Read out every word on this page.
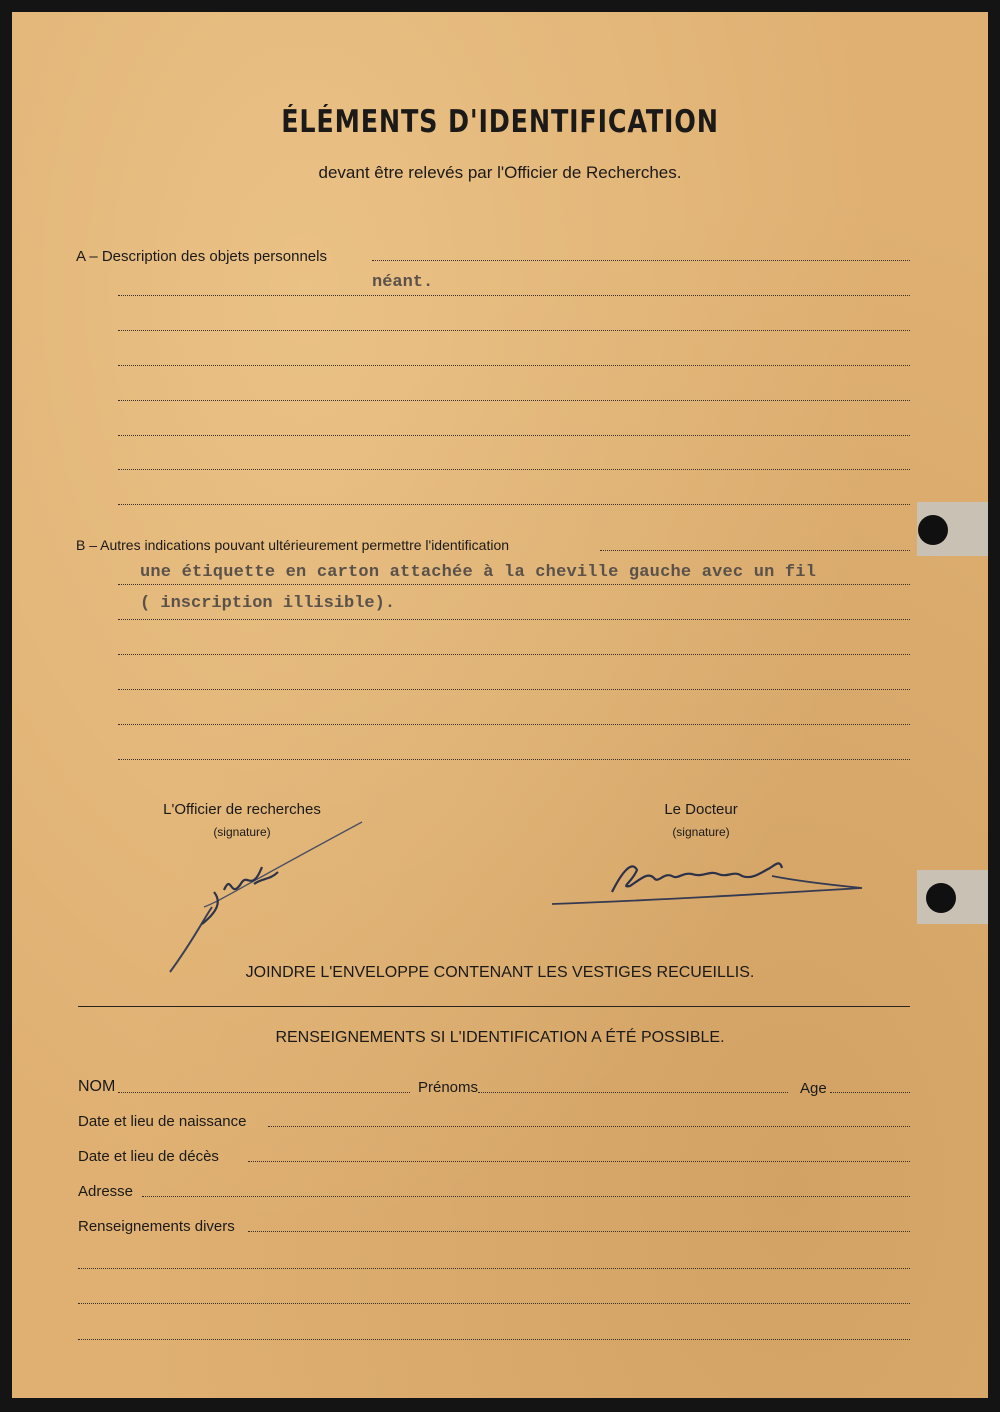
ÉLÉMENTS D'IDENTIFICATION
devant être relevés par l'Officier de Recherches.
A – Description des objets personnels
néant.
B – Autres indications pouvant ultérieurement permettre l'identification
une étiquette en carton attachée à la cheville gauche avec un fil
( inscription illisible).
L'Officier de recherches
(signature)
Le Docteur
(signature)
JOINDRE L'ENVELOPPE CONTENANT LES VESTIGES RECUEILLIS.
RENSEIGNEMENTS SI L'IDENTIFICATION A ÉTÉ POSSIBLE.
NOM	Prénoms	Age
Date et lieu de naissance
Date et lieu de décès
Adresse
Renseignements divers
